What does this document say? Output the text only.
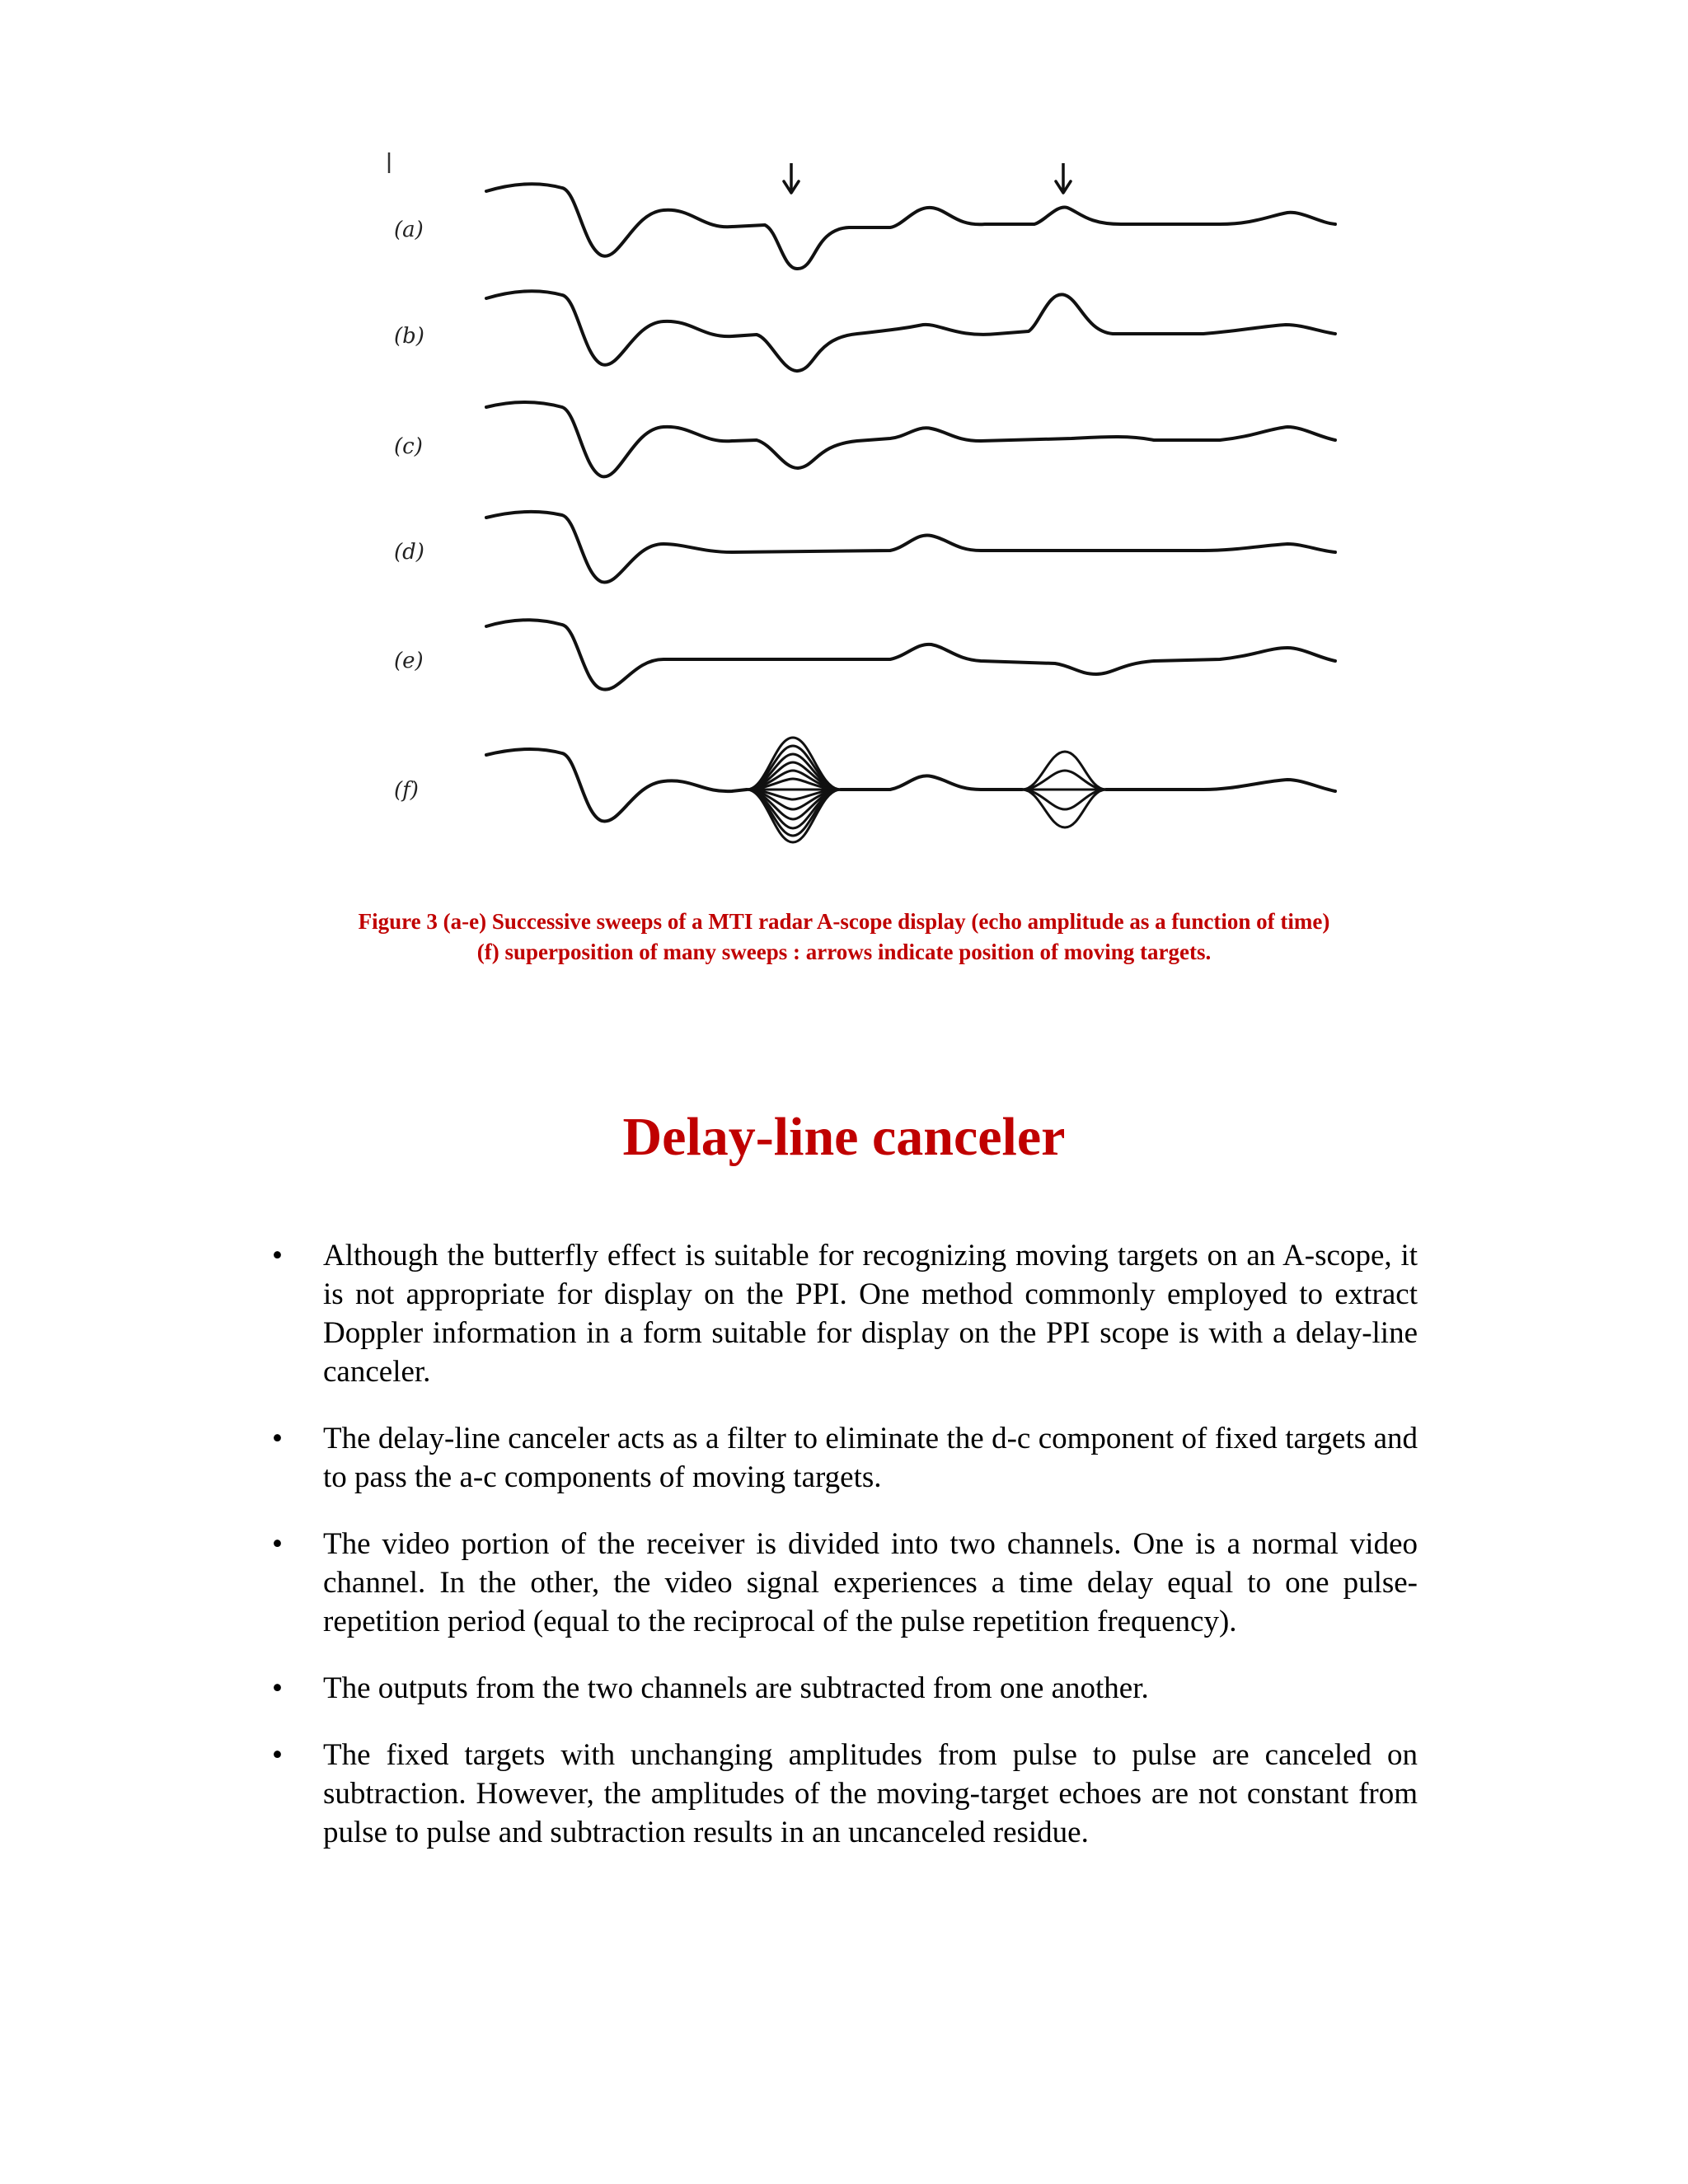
(a)
(b)
(c)
(d)
(e)
(f)
Figure 3 (a-e) Successive sweeps of a MTI radar A-scope display (echo amplitude as a function of time)
(f) superposition of many sweeps : arrows indicate position of moving targets.
Delay-line canceler
•	Although the butterfly effect is suitable for recognizing moving targets on an A-scope, it is not appropriate for display on the PPI. One method commonly employed to extract Doppler information in a form suitable for display on the PPI scope is with a delay-line canceler.
•	The delay-line canceler acts as a filter to eliminate the d-c component of fixed targets and to pass the a-c components of moving targets.
•	The video portion of the receiver is divided into two channels. One is a normal video channel. In the other, the video signal experiences a time delay equal to one pulse-repetition period (equal to the reciprocal of the pulse repetition frequency).
•	The outputs from the two channels are subtracted from one another.
•	The fixed targets with unchanging amplitudes from pulse to pulse are canceled on subtraction. However, the amplitudes of the moving-target echoes are not constant from pulse to pulse and subtraction results in an uncanceled residue.
